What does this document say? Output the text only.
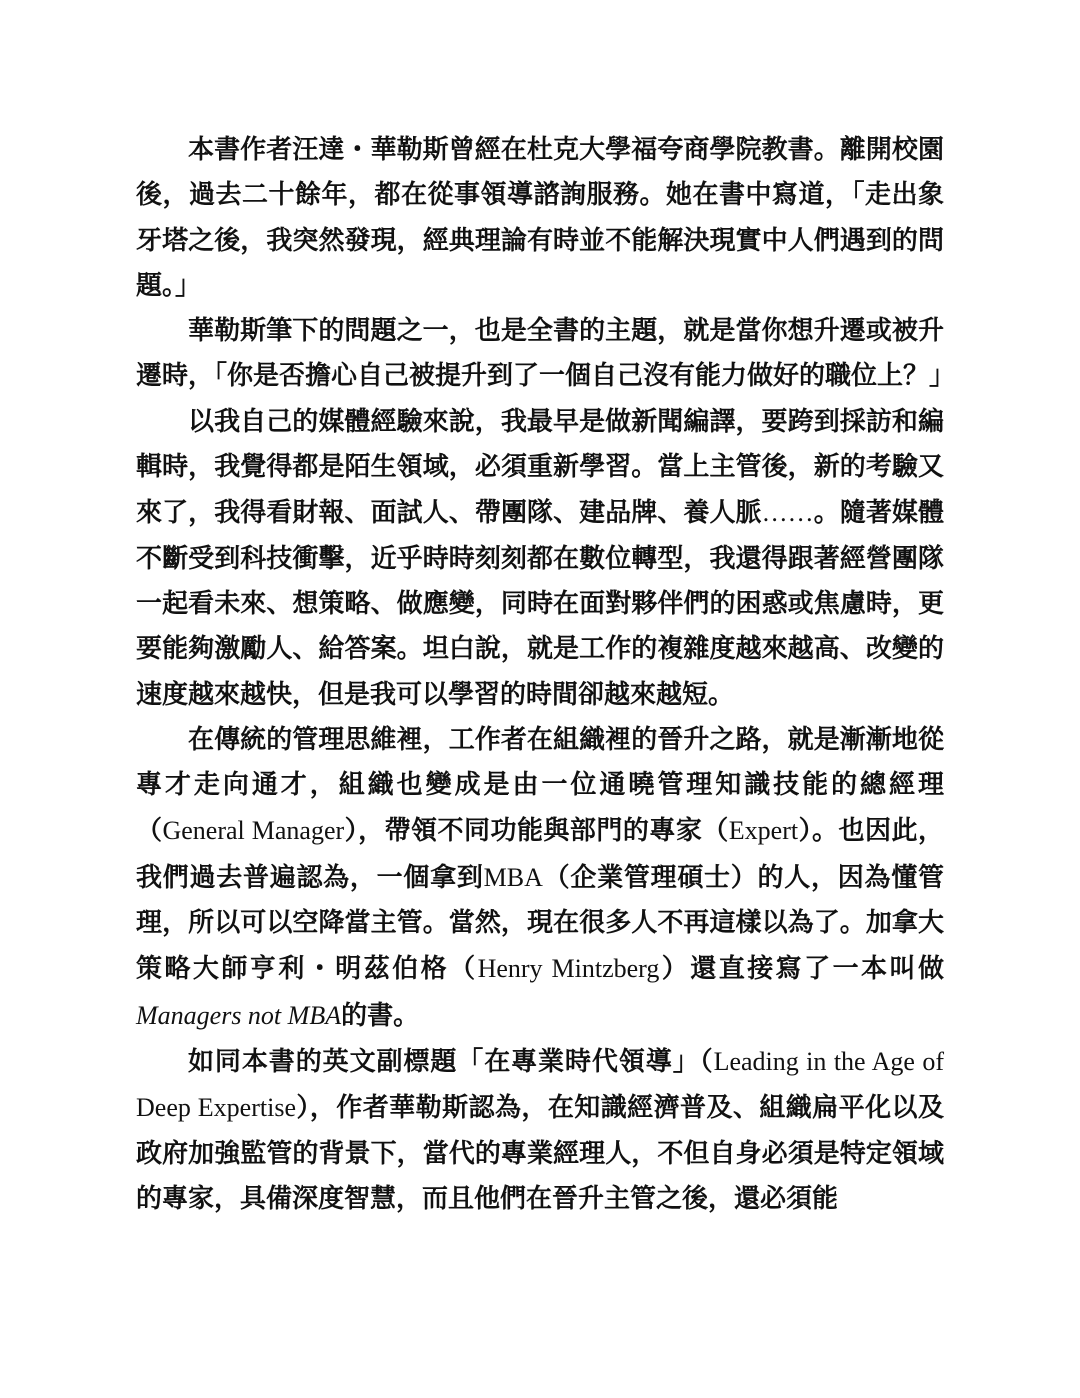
本書作者汪達・華勒斯曾經在杜克大學福夸商學院教書。離開校園後，過去二十餘年，都在從事領導諮詢服務。她在書中寫道，「走出象牙塔之後，我突然發現，經典理論有時並不能解決現實中人們遇到的問題。」

華勒斯筆下的問題之一，也是全書的主題，就是當你想升遷或被升遷時，「你是否擔心自己被提升到了一個自己沒有能力做好的職位上？」

以我自己的媒體經驗來說，我最早是做新聞編譯，要跨到採訪和編輯時，我覺得都是陌生領域，必須重新學習。當上主管後，新的考驗又來了，我得看財報、面試人、帶團隊、建品牌、養人脈……。隨著媒體不斷受到科技衝擊，近乎時時刻刻都在數位轉型，我還得跟著經營團隊一起看未來、想策略、做應變，同時在面對夥伴們的困惑或焦慮時，更要能夠激勵人、給答案。坦白說，就是工作的複雜度越來越高、改變的速度越來越快，但是我可以學習的時間卻越來越短。

在傳統的管理思維裡，工作者在組織裡的晉升之路，就是漸漸地從專才走向通才，組織也變成是由一位通曉管理知識技能的總經理（General Manager），帶領不同功能與部門的專家（Expert）。也因此，我們過去普遍認為，一個拿到MBA（企業管理碩士）的人，因為懂管理，所以可以空降當主管。當然，現在很多人不再這樣以為了。加拿大策略大師亨利・明茲伯格（Henry Mintzberg）還直接寫了一本叫做Managers not MBA的書。

如同本書的英文副標題「在專業時代領導」（Leading in the Age of Deep Expertise），作者華勒斯認為，在知識經濟普及、組織扁平化以及政府加強監管的背景下，當代的專業經理人，不但自身必須是特定領域的專家，具備深度智慧，而且他們在晉升主管之後，還必須能
